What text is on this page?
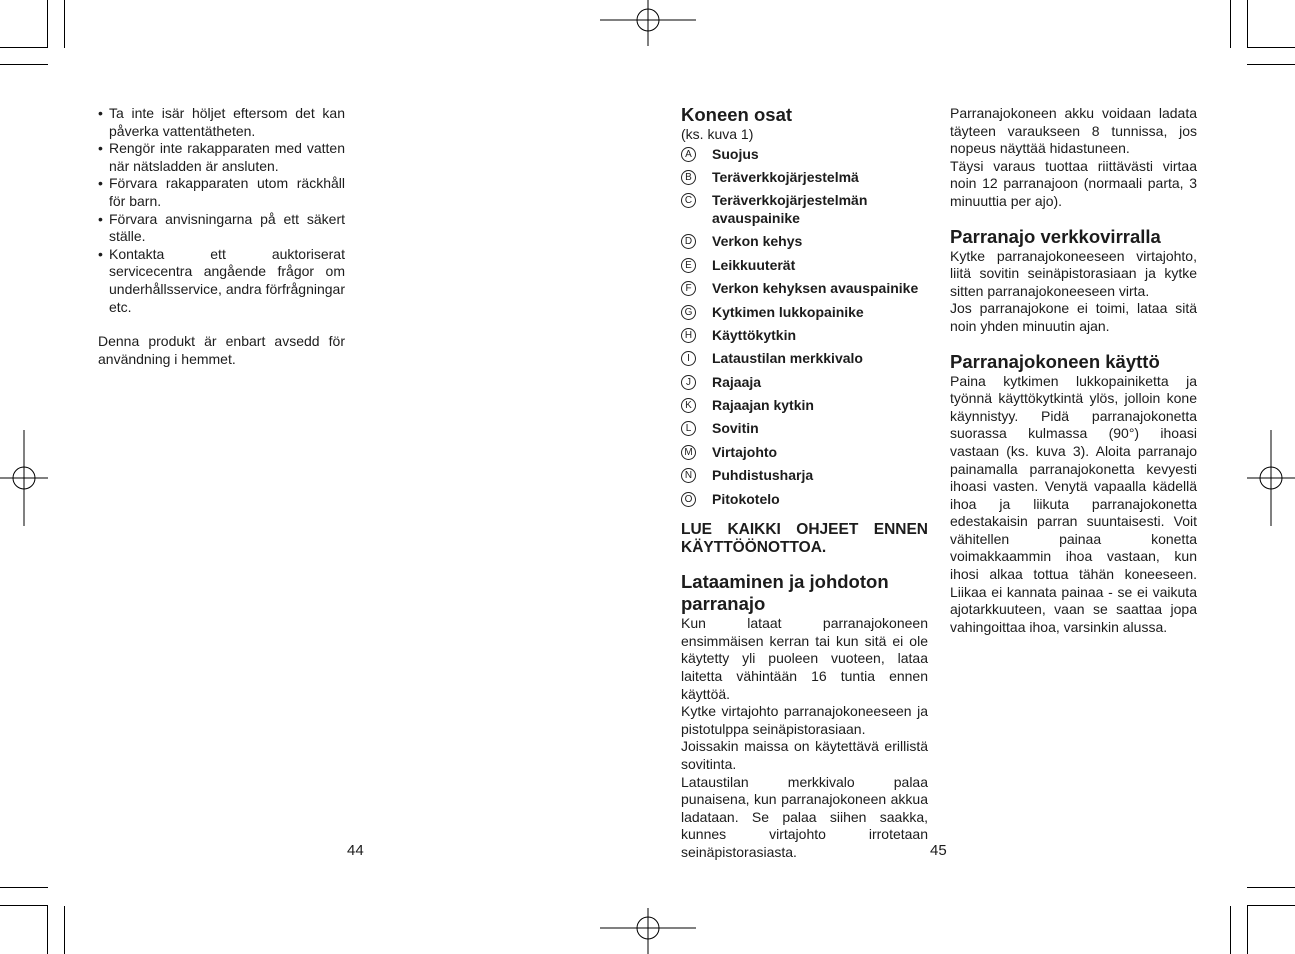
• Ta inte isär höljet eftersom det kan påverka vattentätheten.
• Rengör inte rakapparaten med vatten när nätsladden är ansluten.
• Förvara rakapparaten utom räckhåll för barn.
• Förvara anvisningarna på ett säkert ställe.
• Kontakta ett auktoriserat servicecentra angående frågor om underhållsservice, andra förfrågningar etc.

Denna produkt är enbart avsedd för användning i hemmet.

44
Koneen osat

(ks. kuva 1)

A Suojus
B Teräverkkojärjestelmä
C Teräverkkojärjestelmän avauspainike
D Verkon kehys
E Leikkuuterät
F	Verkon kehyksen avauspainike
G Kytkimen lukkopainike
H Käyttökytkin
I	Lataustilan merkkivalo
J	Rajaaja
K Rajaajan kytkin
L	Sovitin
M Virtajohto
N Puhdistusharja
O Pitokotelo

LUE KAIKKI OHJEET ENNEN KÄYTTÖÖNOTTOA.

Lataaminen ja johdoton parranajo

Kun lataat parranajokoneen ensimmäisen kerran tai kun sitä ei ole käytetty yli puoleen vuoteen, lataa laitetta vähintään 16 tuntia ennen käyttöä.

Kytke virtajohto parranajokoneeseen ja pistotulppa seinäpistorasiaan.

Joissakin maissa on käytettävä erillistä sovitinta.

Lataustilan merkkivalo palaa punaisena, kun parranajokoneen akkua ladataan. Se palaa siihen saakka, kunnes virtajohto irrotetaan seinäpistorasiasta.

Parranajokoneen akku voidaan ladata täyteen varaukseen 8 tunnissa, jos nopeus näyttää hidastuneen.

Täysi varaus tuottaa riittävästi virtaa noin 12 parranajoon (normaali parta, 3 minuuttia per ajo).

Parranajo verkkovirralla

Kytke parranajokoneeseen virtajohto, liitä sovitin seinäpistorasiaan ja kytke sitten parranajokoneeseen virta.

Jos parranajokone ei toimi, lataa sitä noin yhden minuutin ajan.

Parranajokoneen käyttö

Paina kytkimen lukkopainiketta ja työnnä käyttökytkintä ylös, jolloin kone käynnistyy. Pidä parranajokonetta suorassa kulmassa (90°) ihoasi vastaan (ks. kuva 3). Aloita parranajo painamalla parranajokonetta kevyesti ihoasi vasten. Venytä vapaalla kädellä ihoa ja liikuta parranajokonetta edestakaisin parran suuntaisesti. Voit vähitellen painaa konetta voimakkaammin ihoa vastaan, kun ihosi alkaa tottua tähän koneeseen. Liikaa ei kannata painaa - se ei vaikuta ajotarkkuuteen, vaan se saattaa jopa vahingoittaa ihoa, varsinkin alussa.

45
